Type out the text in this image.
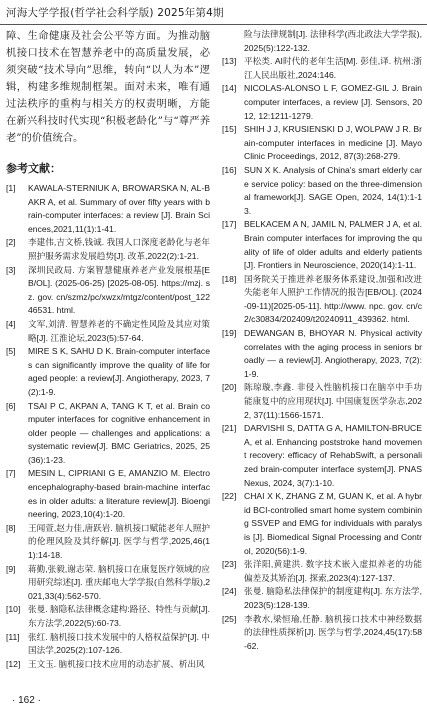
河海大学学报(哲学社会科学版) 2025年第4期

障、生命健康及社会公平等方面。为推动脑机接口技术在智慧养老中的高质量发展，必须突破“技术导向”思维，转向“以人为本”逻辑，构建多维规制框架。面对未来，唯有通过法秩序的重构与相关方的权责明晰，方能在新兴科技时代实现“积极老龄化”与“尊严养老”的价值统合。

参考文献：
[1]	KAWALA-STERNIUK A, BROWARSKA N, AL-BAKR A, et al. Summary of over fifty years with brain-computer interfaces: a review [J]. Brain Sciences,2021,11(1):1-41.
[2]	李建伟,吉文桥,钱诚. 我国人口深度老龄化与老年照护服务需求发展趋势[J]. 改革,2022(2):1-21.
[3]	深圳民政局. 方案智慧健康养老产业发展根基[EB/OL]. (2025-06-25) [2025-08-05]. https://mzj. sz. gov. cn/szmz/pc/xwzx/mtgz/content/post_12246531. html.
[4]	文军,刘清. 智慧养老的不确定性风险及其应对策略[J]. 江淮论坛,2023(5):57-64.
[5]	MIRE S K, SAHU D K. Brain-computer interfaces can significantly improve the quality of life for aged people: a review[J]. Angiotherapy, 2023, 7(2):1-9.
[6]	TSAI P C, AKPAN A, TANG K T, et al. Brain computer interfaces for cognitive enhancement in older people — challenges and applications: a systematic review[J]. BMC Geriatrics, 2025, 25(36):1-23.
[7]	MESIN L, CIPRIANI G E, AMANZIO M. Electroencephalography-based brain-machine interfaces in older adults: a literature review[J]. Bioengineering, 2023,10(4):1-20.
[8]	王闻萱,赵力佳,唐跃岩. 脑机接口赋能老年人照护的伦理风险及其纾解[J]. 医学与哲学,2025,46(11):14-18.
[9]	蒋勤,张毅,谢志荣. 脑机接口在康复医疗领域的应用研究综述[J]. 重庆邮电大学学报(自然科学版),2021,33(4):562-570.
[10] 张曼. 脑隐私法律概念建构:路径、特性与贡献[J]. 东方法学,2022(5):60-73.
[11] 张红. 脑机接口技术发展中的人格权益保护[J]. 中国法学,2025(2):107-126.
[12] 王文玉. 脑机接口技术应用的动态扩展、析出风
险与法律规制[J]. 法律科学(西北政法大学学报),2025(5):122-132.
[13] 平松类. AI时代的老年生活[M]. 彭佳,译. 杭州:浙江人民出版社,2024:146.
[14] NICOLAS-ALONSO L F, GOMEZ-GIL J. Brain computer interfaces, a review [J]. Sensors, 2012, 12:1211-1279.
[15] SHIH J J, KRUSIENSKI D J, WOLPAW J R. Brain-computer interfaces in medicine [J]. Mayo Clinic Proceedings, 2012, 87(3):268-279.
[16] SUN X K. Analysis of China's smart elderly care service policy: based on the three-dimensional framework[J]. SAGE Open, 2024, 14(1):1-13.
[17] BELKACEM A N, JAMIL N, PALMER J A, et al. Brain computer interfaces for improving the quality of life of older adults and elderly patients [J]. Frontiers in Neuroscience, 2020(14):1-11.
[18] 国务院关于推进养老服务体系建设,加强和改进失能老年人照护工作情况的报告[EB/OL]. (2024-09-11)[2025-05-11]. http://www. npc. gov. cn/c2/c30834/202409/t20240911_439362. html.
[19] DEWANGAN B, BHOYAR N. Physical activity correlates with the aging process in seniors broadly — a review[J]. Angiotherapy, 2023, 7(2):1-9.
[20] 陈琼璇,李鑫. 非侵入性脑机接口在脑卒中手功能康复中的应用现状[J]. 中国康复医学杂志,2022, 37(11):1566-1571.
[21] DARVISHI S, DATTA G A, HAMILTON-BRUCE A, et al. Enhancing poststroke hand movement recovery: efficacy of RehabSwift, a personalized brain-computer interface system[J]. PNAS Nexus, 2024, 3(7):1-10.
[22] CHAI X K, ZHANG Z M, GUAN K, et al. A hybrid BCI-controlled smart home system combining SSVEP and EMG for individuals with paralysis [J]. Biomedical Signal Processing and Control, 2020(56):1-9.
[23] 张洋阳,黄建洪. 数字技术嵌入虚拟养老的功能偏差及其矫治[J]. 探索,2023(4):127-137.
[24] 张曼. 脑隐私法律保护的制度建构[J]. 东方法学,2023(5):128-139.
[25] 李教水,梁恒瑜,任静. 脑机接口技术中神经数据的法律性质探析[J]. 医学与哲学,2024,45(17):58-62.
· 162 ·
